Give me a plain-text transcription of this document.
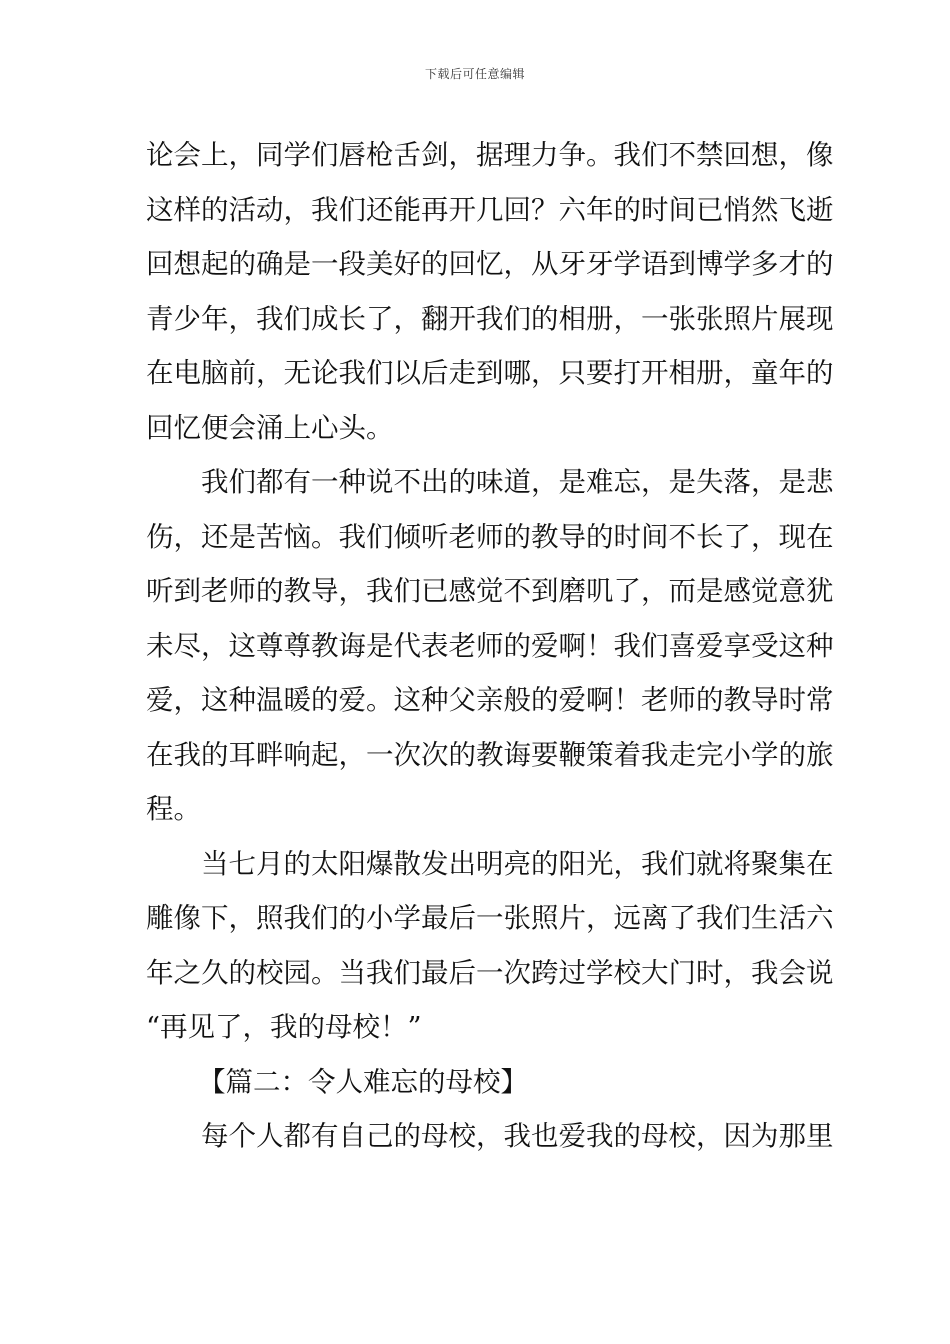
下载后可任意编辑
论会上，同学们唇枪舌剑，据理力争。我们不禁回想，像
这样的活动，我们还能再开几回？六年的时间已悄然飞逝
回想起的确是一段美好的回忆，从牙牙学语到博学多才的
青少年，我们成长了，翻开我们的相册，一张张照片展现
在电脑前，无论我们以后走到哪，只要打开相册，童年的
回忆便会涌上心头。
我们都有一种说不出的味道，是难忘，是失落，是悲
伤，还是苦恼。我们倾听老师的教导的时间不长了，现在
听到老师的教导，我们已感觉不到磨叽了，而是感觉意犹
未尽，这尊尊教诲是代表老师的爱啊！我们喜爱享受这种
爱，这种温暖的爱。这种父亲般的爱啊！老师的教导时常
在我的耳畔响起，一次次的教诲要鞭策着我走完小学的旅
程。
当七月的太阳爆散发出明亮的阳光，我们就将聚集在
雕像下，照我们的小学最后一张照片，远离了我们生活六
年之久的校园。当我们最后一次跨过学校大门时，我会说
“再见了，我的母校！”
【篇二：令人难忘的母校】
每个人都有自己的母校，我也爱我的母校，因为那里
